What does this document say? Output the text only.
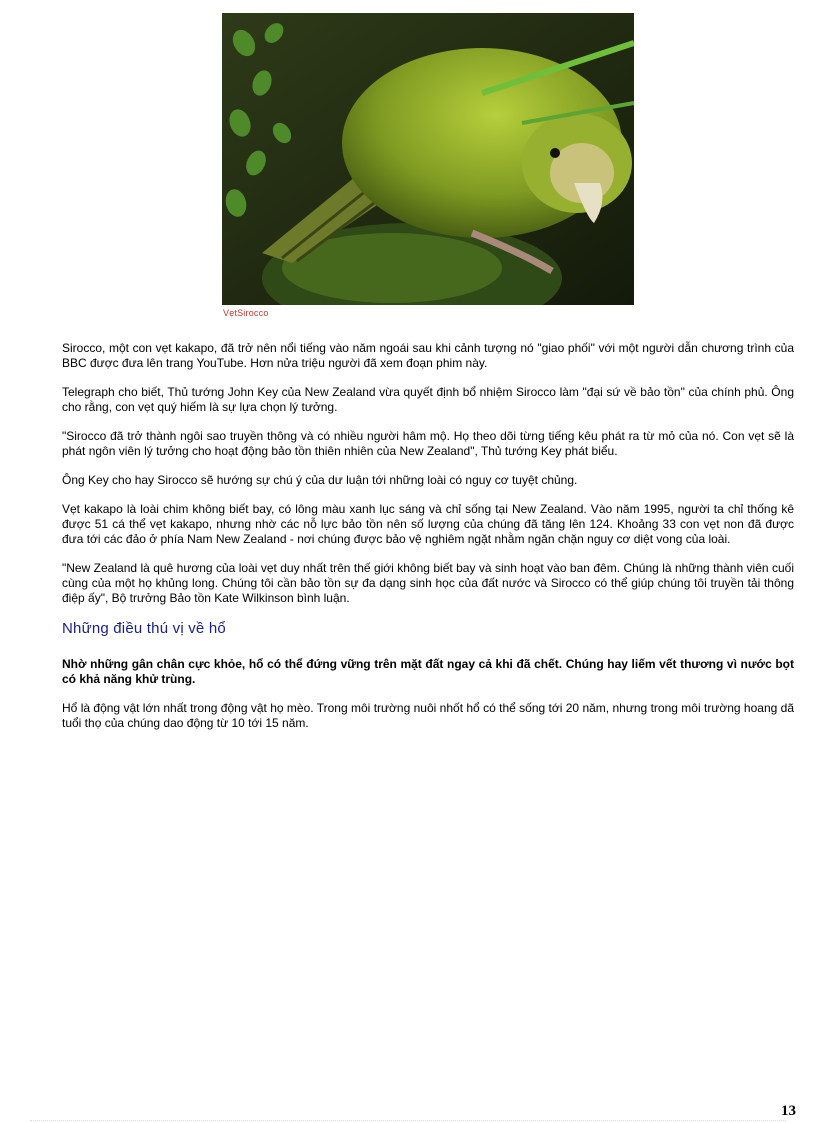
VẹtSirocco

Sirocco, một con vẹt kakapo, đã trở nên nổi tiếng vào năm ngoái sau khi cảnh tượng nó "giao phối" với một người dẫn chương trình của BBC được đưa lên trang YouTube. Hơn nửa triệu người đã xem đoạn phim này.

Telegraph cho biết, Thủ tướng John Key của New Zealand vừa quyết định bổ nhiệm Sirocco làm "đại sứ về bảo tồn" của chính phủ. Ông cho rằng, con vẹt quý hiếm là sự lựa chọn lý tưởng.

"Sirocco đã trở thành ngôi sao truyền thông và có nhiều người hâm mộ. Họ theo dõi từng tiếng kêu phát ra từ mỏ của nó. Con vẹt sẽ là phát ngôn viên lý tưởng cho hoạt động bảo tồn thiên nhiên của New Zealand", Thủ tướng Key phát biểu.

Ông Key cho hay Sirocco sẽ hướng sự chú ý của dư luận tới những loài có nguy cơ tuyệt chủng.

Vẹt kakapo là loài chim không biết bay, có lông màu xanh lục sáng và chỉ sống tại New Zealand. Vào năm 1995, người ta chỉ thống kê được 51 cá thể vẹt kakapo, nhưng nhờ các nỗ lực bảo tồn nên số lượng của chúng đã tăng lên 124. Khoảng 33 con vẹt non đã được đưa tới các đảo ở phía Nam New Zealand - nơi chúng được bảo vệ nghiêm ngặt nhằm ngăn chặn nguy cơ diệt vong của loài.

"New Zealand là quê hương của loài vẹt duy nhất trên thế giới không biết bay và sinh hoạt vào ban đêm. Chúng là những thành viên cuối cùng của một họ khủng long. Chúng tôi cần bảo tồn sự đa dạng sinh học của đất nước và Sirocco có thể giúp chúng tôi truyền tải thông điệp ấy", Bộ trưởng Bảo tồn Kate Wilkinson bình luận.

Những điều thú vị về hổ

Nhờ những gân chân cực khỏe, hổ có thể đứng vững trên mặt đất ngay cả khi đã chết. Chúng hay liếm vết thương vì nước bọt có khả năng khử trùng.

Hổ là động vật lớn nhất trong động vật họ mèo. Trong môi trường nuôi nhốt hổ có thể sống tới 20 năm, nhưng trong môi trường hoang dã tuổi thọ của chúng dao động từ 10 tới 15 năm.

13
